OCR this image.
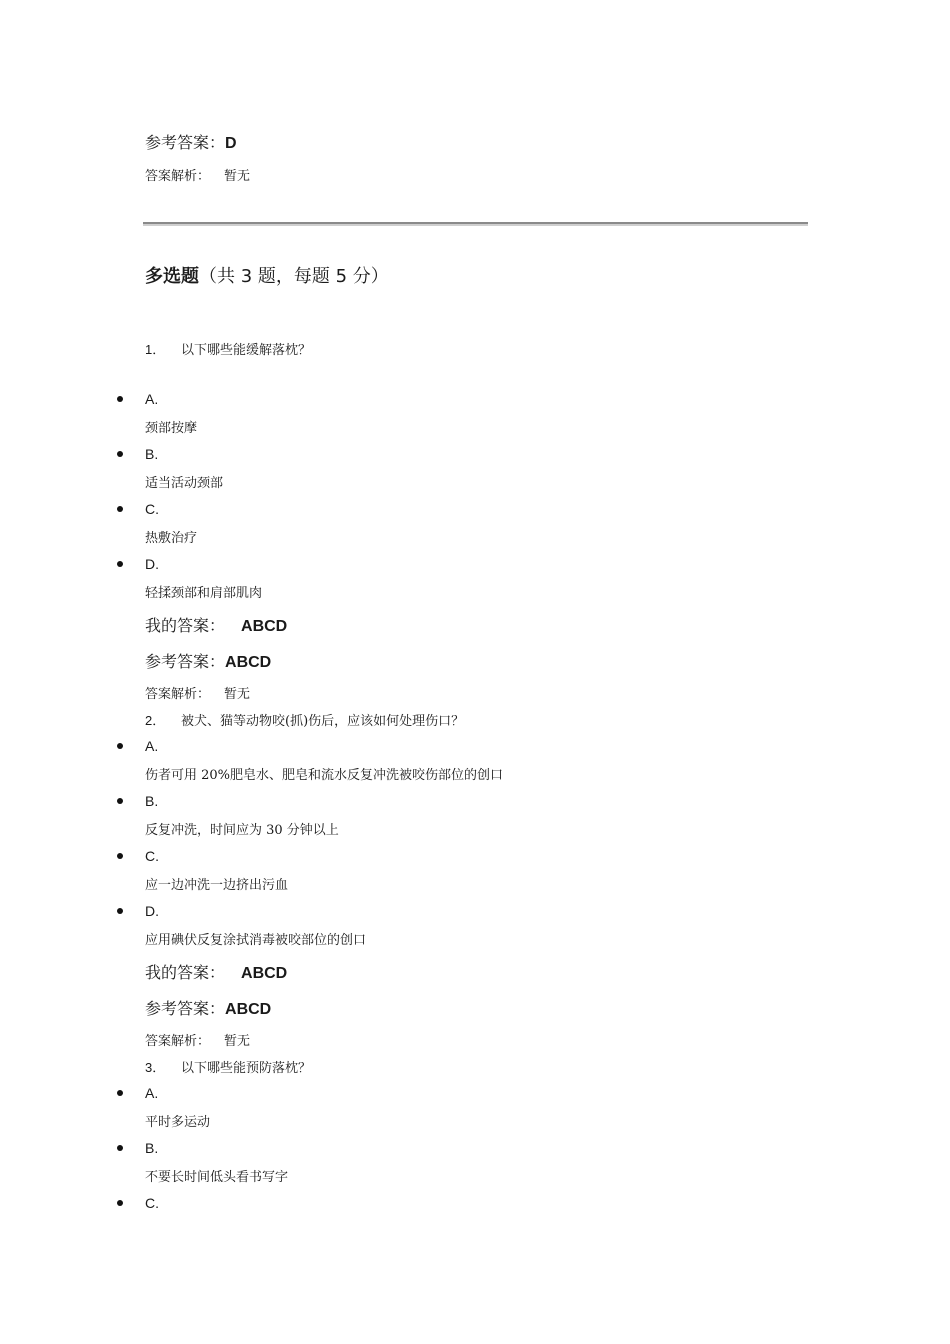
参考答案：D
答案解析： 暂无
多选题（共 3 题，每题 5 分）
1． 以下哪些能缓解落枕？
A.
颈部按摩
B.
适当活动颈部
C.
热敷治疗
D.
轻揉颈部和肩部肌肉
我的答案： ABCD
参考答案：ABCD
答案解析： 暂无
2． 被犬、猫等动物咬(抓)伤后，应该如何处理伤口？
A.
伤者可用 20%肥皂水、肥皂和流水反复冲洗被咬伤部位的创口
B.
反复冲洗，时间应为 30 分钟以上
C.
应一边冲洗一边挤出污血
D.
应用碘伏反复涂拭消毒被咬部位的创口
我的答案： ABCD
参考答案：ABCD
答案解析： 暂无
3． 以下哪些能预防落枕？
A.
平时多运动
B.
不要长时间低头看书写字
C.
